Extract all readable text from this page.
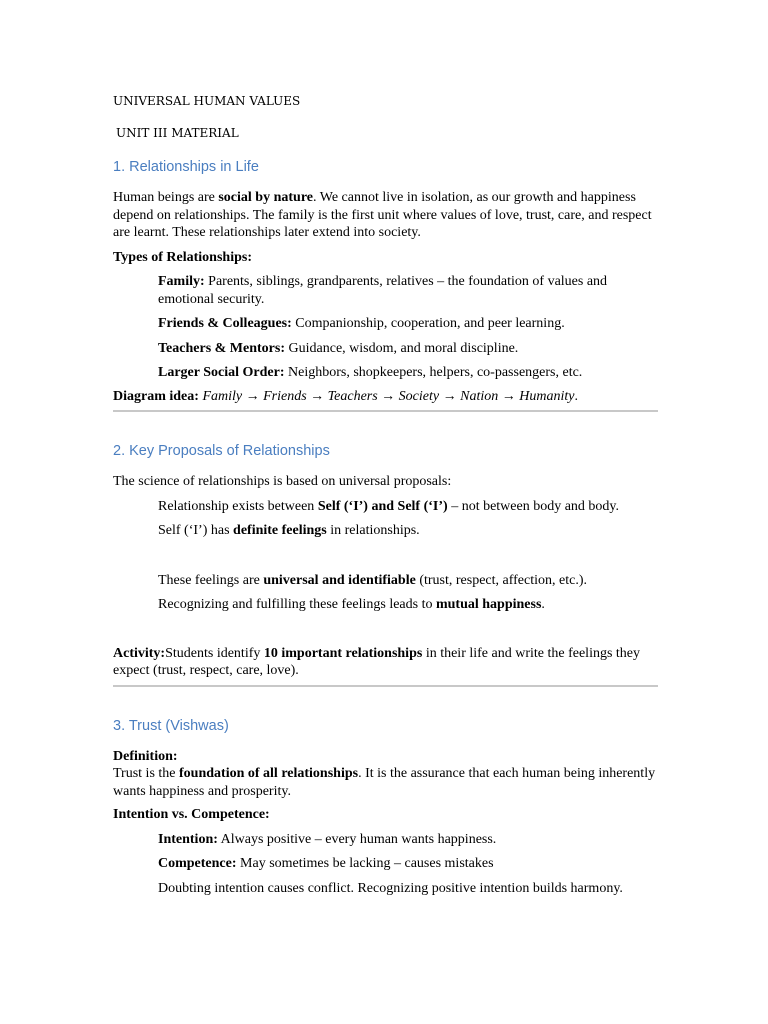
UNIVERSAL HUMAN VALUES

UNIT III MATERIAL

1. Relationships in Life

Human beings are social by nature. We cannot live in isolation, as our growth and happiness depend on relationships. The family is the first unit where values of love, trust, care, and respect are learnt. These relationships later extend into society.

Types of Relationships:

Family: Parents, siblings, grandparents, relatives – the foundation of values and emotional security.

Friends & Colleagues: Companionship, cooperation, and peer learning.

Teachers & Mentors: Guidance, wisdom, and moral discipline.

Larger Social Order: Neighbors, shopkeepers, helpers, co-passengers, etc.

Diagram idea: Family → Friends → Teachers → Society → Nation → Humanity.

2. Key Proposals of Relationships

The science of relationships is based on universal proposals:

Relationship exists between Self (‘I’) and Self (‘I’) – not between body and body.

Self (‘I’) has definite feelings in relationships.

These feelings are universal and identifiable (trust, respect, affection, etc.).

Recognizing and fulfilling these feelings leads to mutual happiness.

Activity:Students identify 10 important relationships in their life and write the feelings they expect (trust, respect, care, love).

3. Trust (Vishwas)

Definition:

Trust is the foundation of all relationships. It is the assurance that each human being inherently wants happiness and prosperity.

Intention vs. Competence:

Intention: Always positive – every human wants happiness.

Competence: May sometimes be lacking – causes mistakes

Doubting intention causes conflict. Recognizing positive intention builds harmony.
